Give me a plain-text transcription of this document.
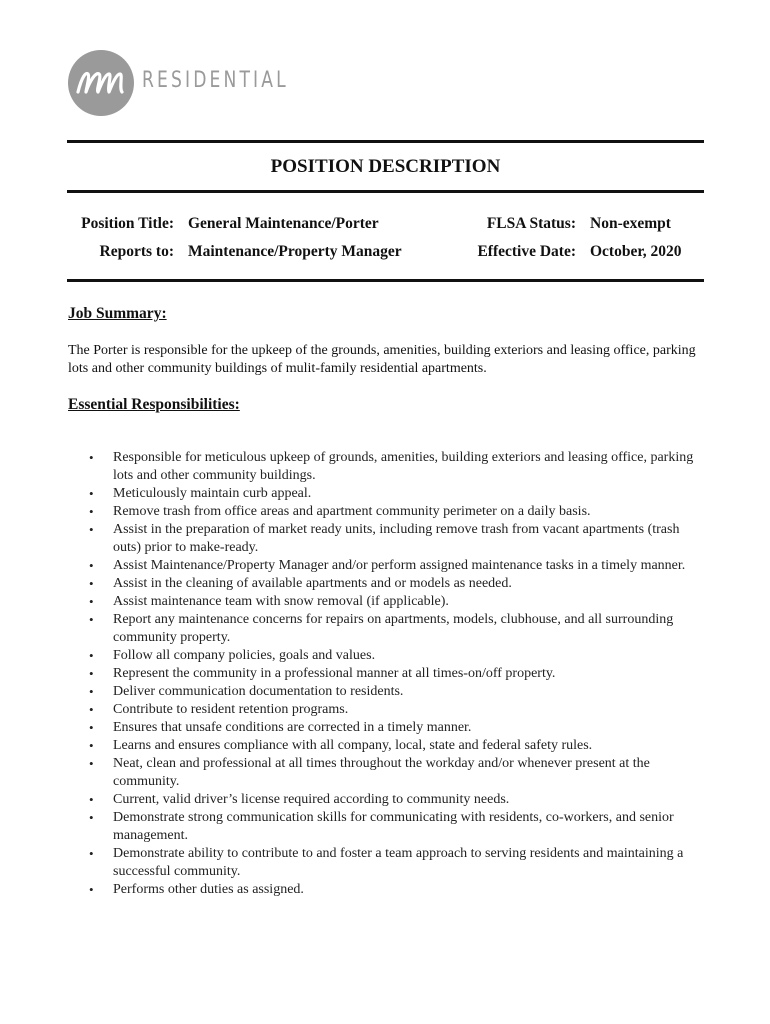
RESIDENTIAL
POSITION DESCRIPTION
Position Title: General Maintenance/Porter
Reports to: Maintenance/Property Manager
FLSA Status: Non-exempt
Effective Date: October, 2020
Job Summary:
The Porter is responsible for the upkeep of the grounds, amenities, building exteriors and leasing office, parking lots and other community buildings of mulit-family residential apartments.
Essential Responsibilities:
• Responsible for meticulous upkeep of grounds, amenities, building exteriors and leasing office, parking lots and other community buildings.
• Meticulously maintain curb appeal.
• Remove trash from office areas and apartment community perimeter on a daily basis.
• Assist in the preparation of market ready units, including remove trash from vacant apartments (trash outs) prior to make-ready.
• Assist Maintenance/Property Manager and/or perform assigned maintenance tasks in a timely manner.
• Assist in the cleaning of available apartments and or models as needed.
• Assist maintenance team with snow removal (if applicable).
• Report any maintenance concerns for repairs on apartments, models, clubhouse, and all surrounding community property.
• Follow all company policies, goals and values.
• Represent the community in a professional manner at all times-on/off property.
• Deliver communication documentation to residents.
• Contribute to resident retention programs.
• Ensures that unsafe conditions are corrected in a timely manner.
• Learns and ensures compliance with all company, local, state and federal safety rules.
• Neat, clean and professional at all times throughout the workday and/or whenever present at the community.
• Current, valid driver’s license required according to community needs.
• Demonstrate strong communication skills for communicating with residents, co-workers, and senior management.
• Demonstrate ability to contribute to and foster a team approach to serving residents and maintaining a successful community.
• Performs other duties as assigned.
